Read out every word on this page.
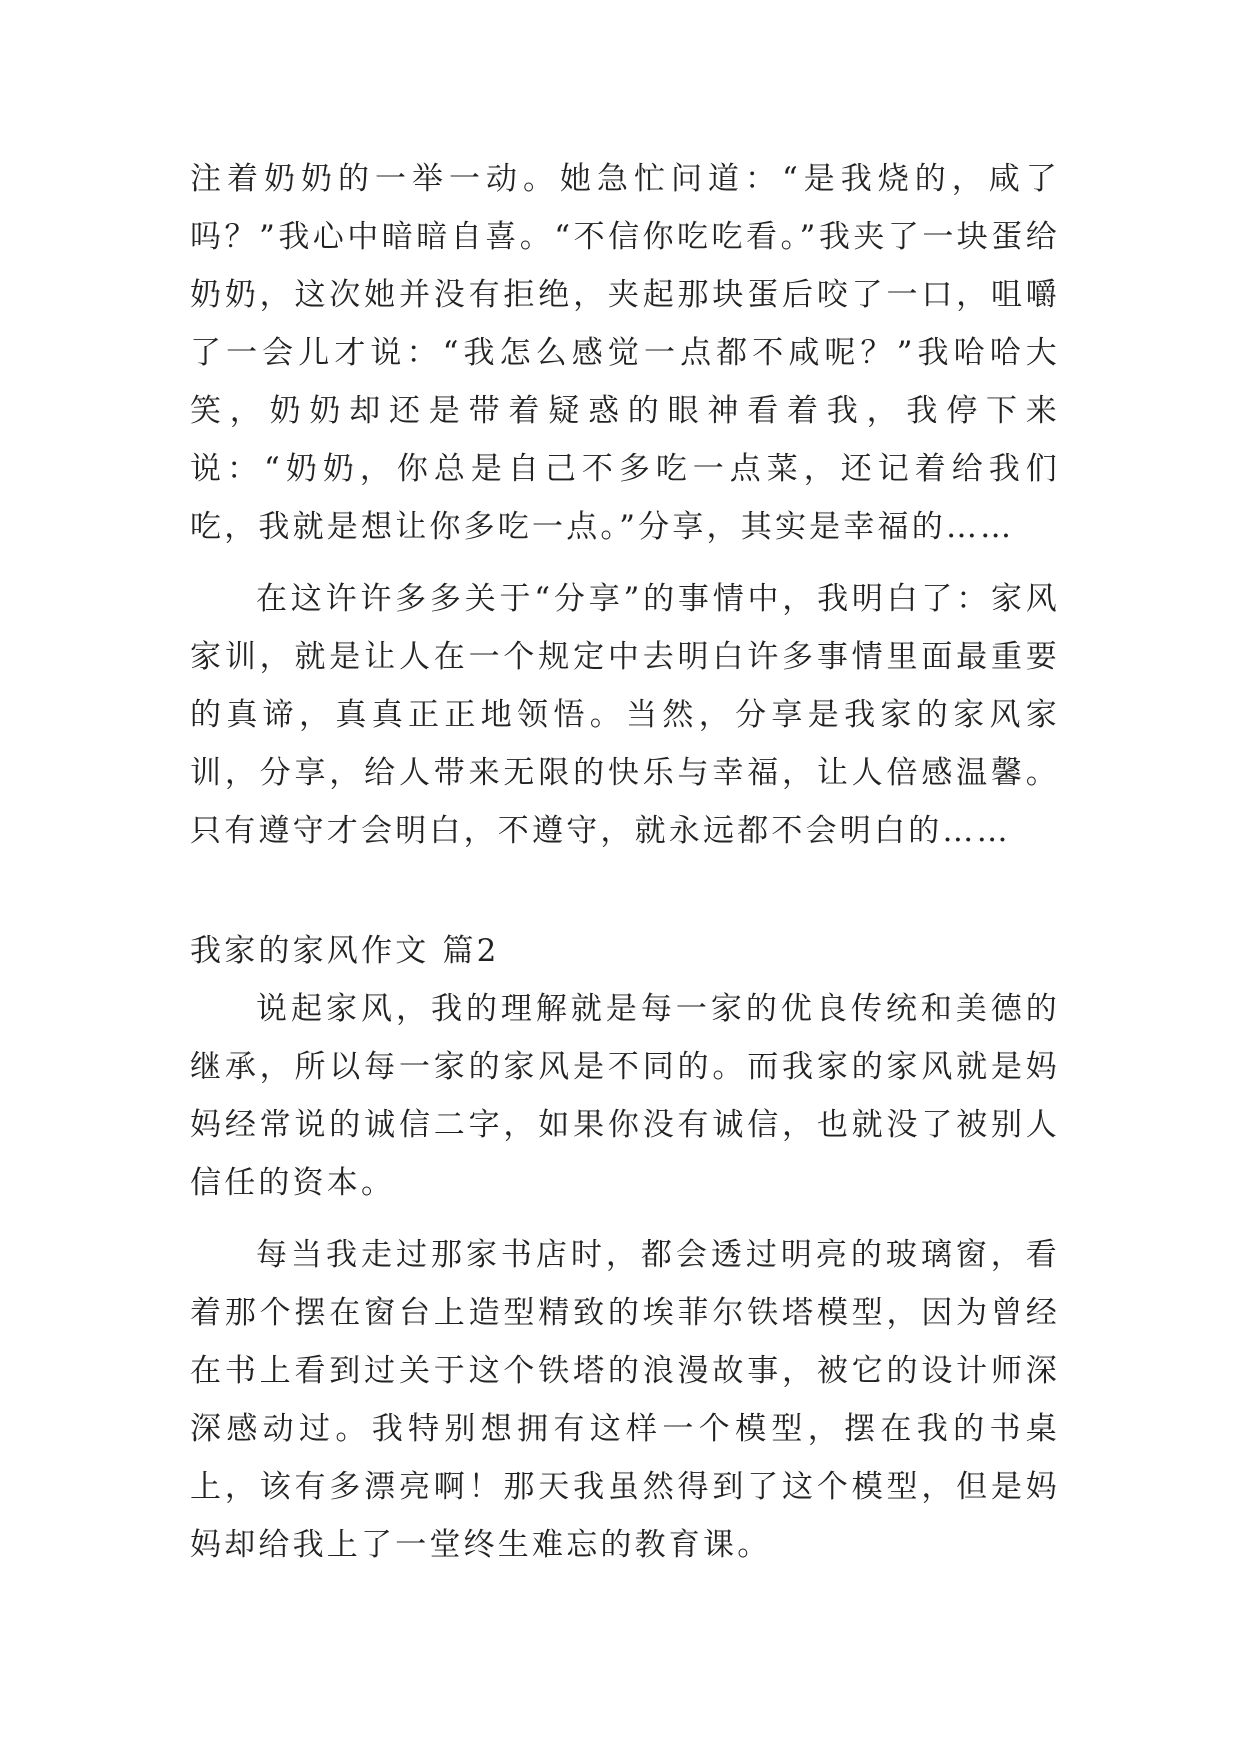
注着奶奶的一举一动。她急忙问道：“是我烧的，咸了吗？”我心中暗暗自喜。“不信你吃吃看。”我夹了一块蛋给奶奶，这次她并没有拒绝，夹起那块蛋后咬了一口，咀嚼了一会儿才说：“我怎么感觉一点都不咸呢？”我哈哈大笑，奶奶却还是带着疑惑的眼神看着我，我停下来说：“奶奶，你总是自己不多吃一点菜，还记着给我们吃，我就是想让你多吃一点。”分享，其实是幸福的……

在这许许多多关于“分享”的事情中，我明白了：家风家训，就是让人在一个规定中去明白许多事情里面最重要的真谛，真真正正地领悟。当然，分享是我家的家风家训，分享，给人带来无限的快乐与幸福，让人倍感温馨。只有遵守才会明白，不遵守，就永远都不会明白的……

我家的家风作文 篇2

说起家风，我的理解就是每一家的优良传统和美德的继承，所以每一家的家风是不同的。而我家的家风就是妈妈经常说的诚信二字，如果你没有诚信，也就没了被别人信任的资本。

每当我走过那家书店时，都会透过明亮的玻璃窗，看着那个摆在窗台上造型精致的埃菲尔铁塔模型，因为曾经在书上看到过关于这个铁塔的浪漫故事，被它的设计师深深感动过。我特别想拥有这样一个模型，摆在我的书桌上，该有多漂亮啊！那天我虽然得到了这个模型，但是妈妈却给我上了一堂终生难忘的教育课。
